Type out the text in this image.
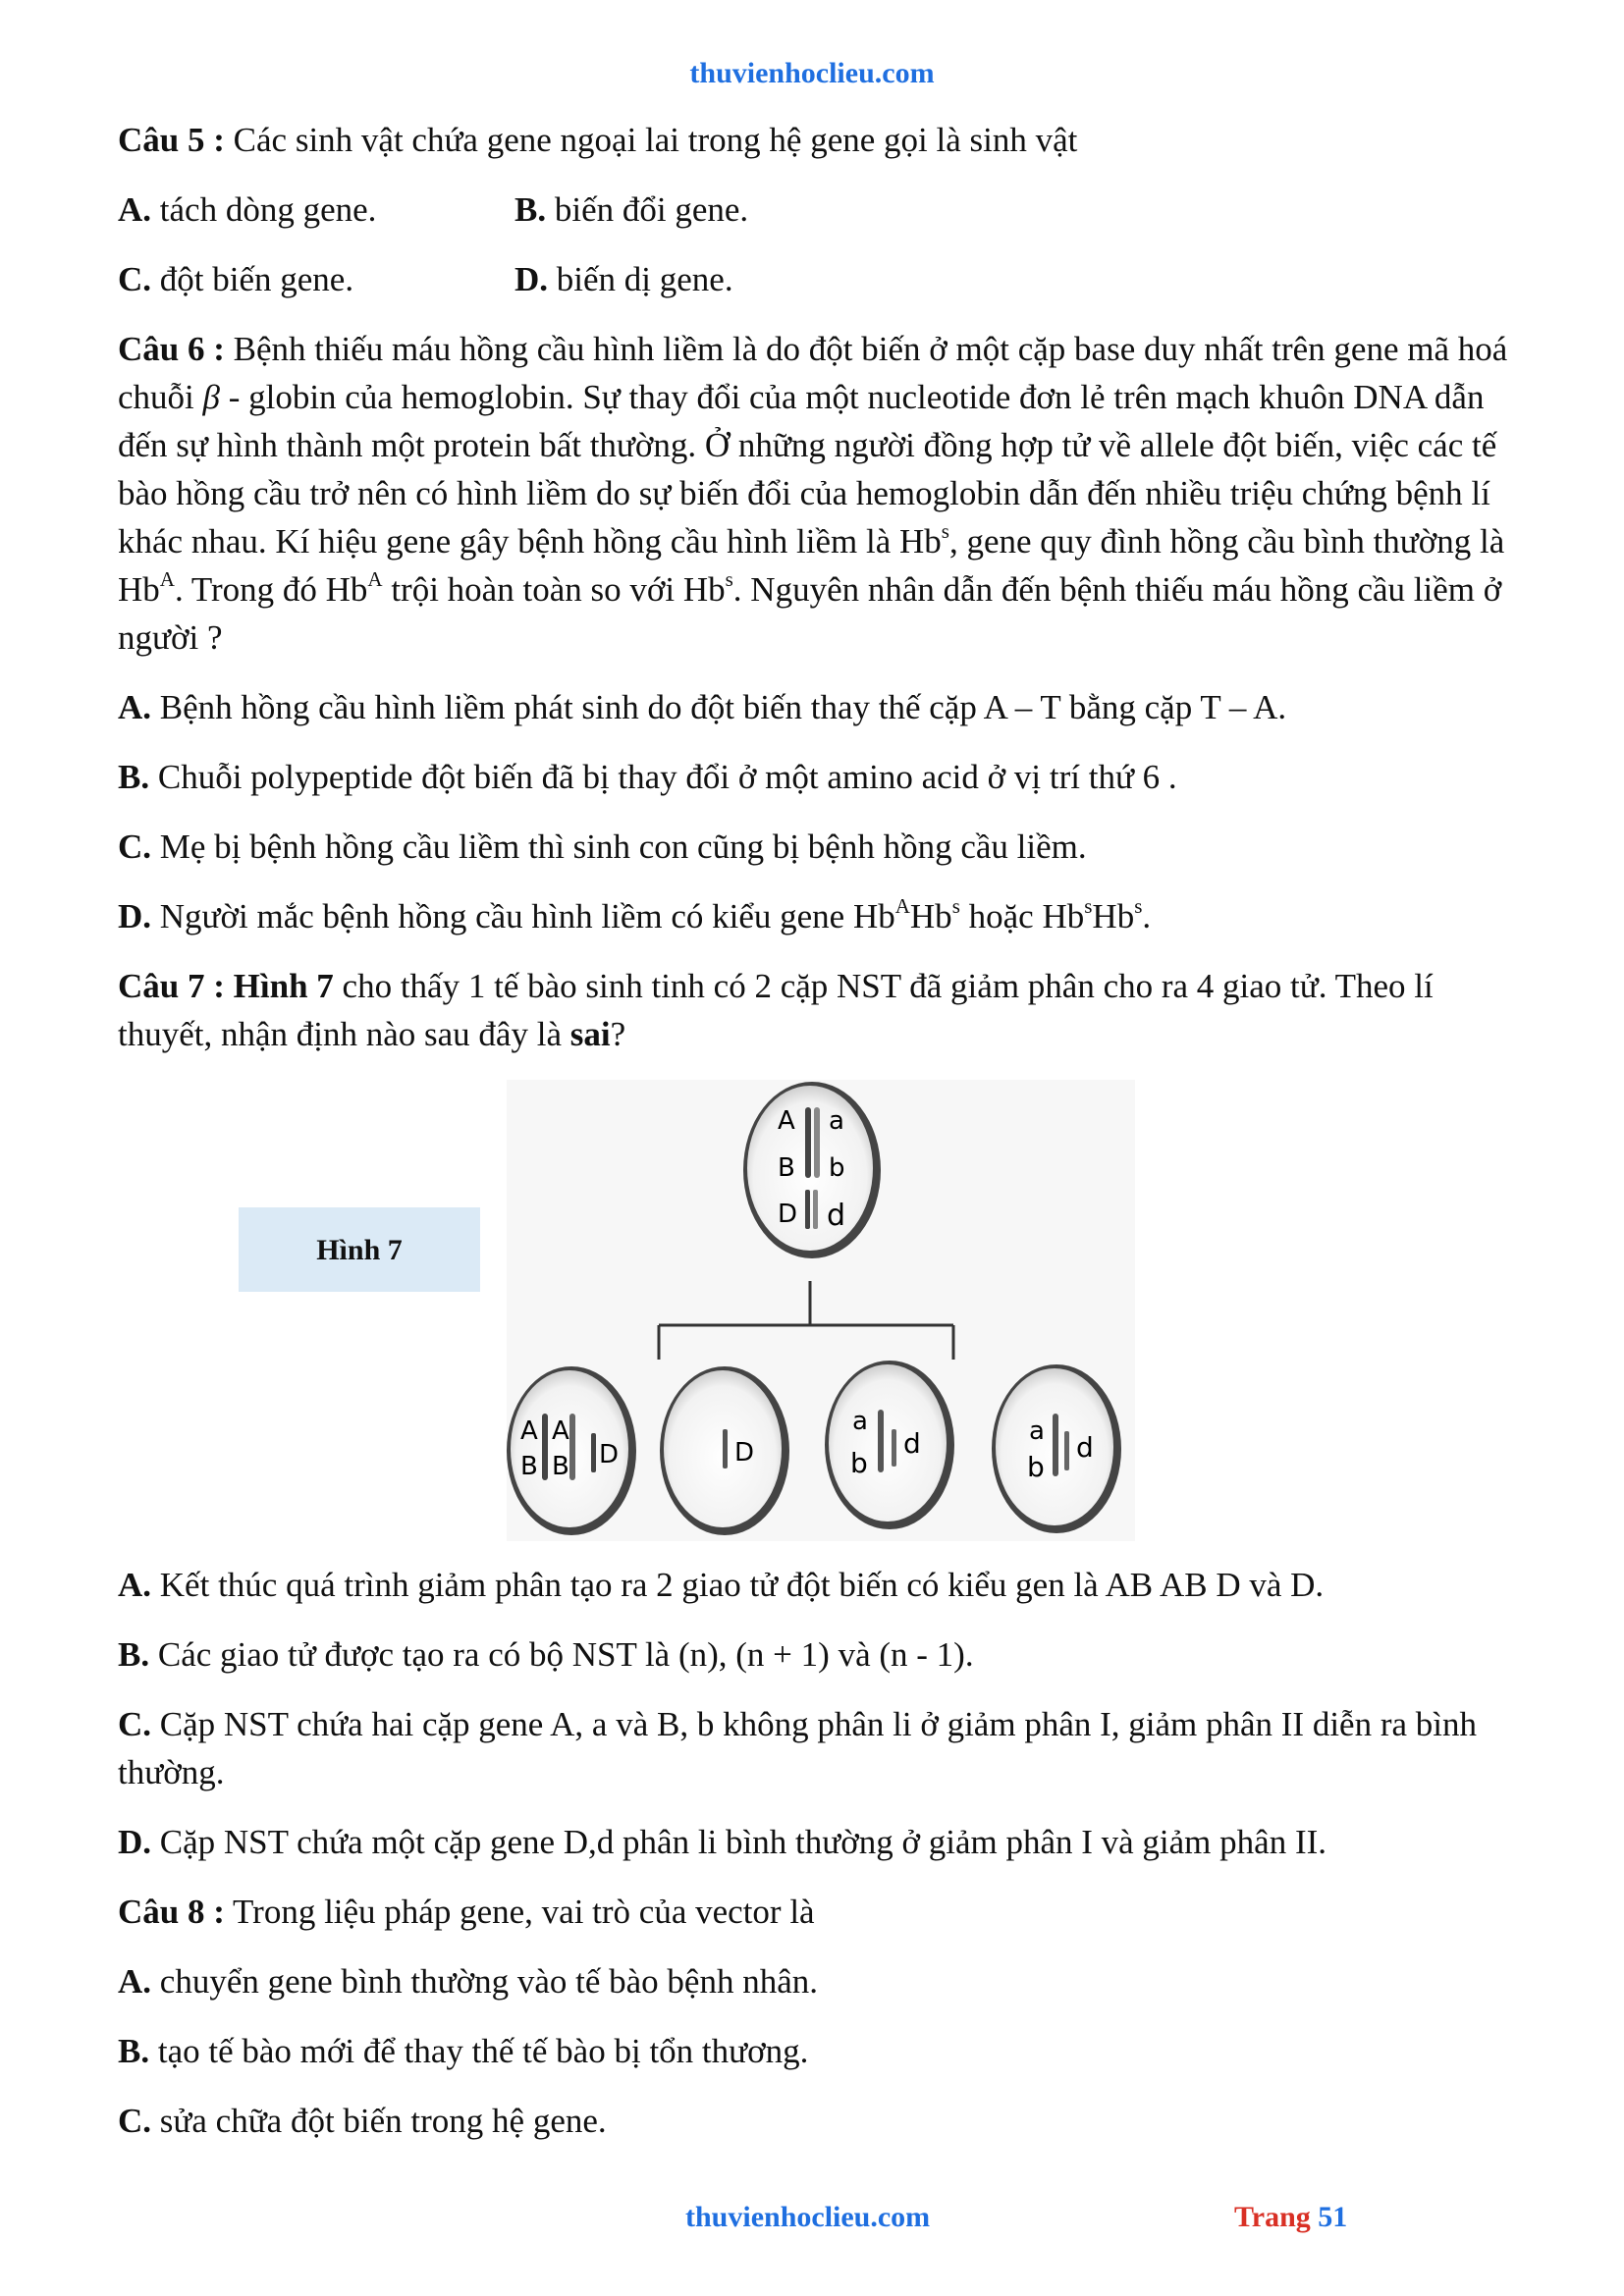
thuvienhoclieu.com
Câu 5 : Các sinh vật chứa gene ngoại lai trong hệ gene gọi là sinh vật
A. tách dòng gene.	B. biến đổi gene.
C. đột biến gene.	D. biến dị gene.
Câu 6 : Bệnh thiếu máu hồng cầu hình liềm là do đột biến ở một cặp base duy nhất trên gene mã hoá chuỗi β - globin của hemoglobin. Sự thay đổi của một nucleotide đơn lẻ trên mạch khuôn DNA dẫn đến sự hình thành một protein bất thường. Ở những người đồng hợp tử về allele đột biến, việc các tế bào hồng cầu trở nên có hình liềm do sự biến đổi của hemoglobin dẫn đến nhiều triệu chứng bệnh lí khác nhau. Kí hiệu gene gây bệnh hồng cầu hình liềm là Hb$^s$, gene quy đình hồng cầu bình thường là $Hb^A$. Trong đó $Hb^A$ trội hoàn toàn so với Hb$^s$. Nguyên nhân dẫn đến bệnh thiếu máu hồng cầu liềm ở người ?
A. Bệnh hồng cầu hình liềm phát sinh do đột biến thay thế cặp A – T bằng cặp T – A.
B. Chuỗi polypeptide đột biến đã bị thay đổi ở một amino acid ở vị trí thứ 6 .
C. Mẹ bị bệnh hồng cầu liềm thì sinh con cũng bị bệnh hồng cầu liềm.
D. Người mắc bệnh hồng cầu hình liềm có kiểu gene $Hb^AHb^s$ hoặc Hb$^s$Hb$^s$.
Câu 7 : Hình 7 cho thấy 1 tế bào sinh tinh có 2 cặp NST đã giảm phân cho ra 4 giao tử. Theo lí thuyết, nhận định nào sau đây là sai?
Hình 7
A a
B b
D d
A A
B B D	D
a
b
d	a
b
d
A. Kết thúc quá trình giảm phân tạo ra 2 giao tử đột biến có kiểu gen là AB AB D và D.
B. Các giao tử được tạo ra có bộ NST là (n), (n + 1) và (n - 1).
C. Cặp NST chứa hai cặp gene A, a và B, b không phân li ở giảm phân I, giảm phân II diễn ra bình thường.
D. Cặp NST chứa một cặp gene D,d phân li bình thường ở giảm phân I và giảm phân II.
Câu 8 : Trong liệu pháp gene, vai trò của vector là
A. chuyển gene bình thường vào tế bào bệnh nhân.
B. tạo tế bào mới để thay thế tế bào bị tổn thương.
C. sửa chữa đột biến trong hệ gene.
thuvienhoclieu.com	Trang 51
